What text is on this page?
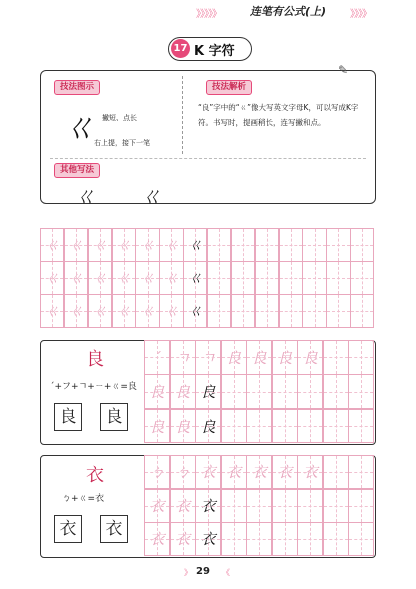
》》》》》	连笔有公式(上) 》》》》
17 K 字符
✎
技法图示	技法解析
ㄍ 撇短、点长
右上提，接下一笔
“良”字中的“ㄍ”像大写英文字母K，可以写成K字符。书写时，提画稍长，连写撇和点。
其他写法
ㄍ ㄍ
ㄍ ㄍ ㄍ ㄍ ㄍ ㄍ ㄍ
ㄍ ㄍ ㄍ ㄍ ㄍ ㄍ ㄍ
ㄍ ㄍ ㄍ ㄍ ㄍ ㄍ ㄍ
良
ˊ+フ+ㄱ+ㄧ+ㄍ=良
良	良
ˊ ㄱ ㄱ 良 良 良 良
良 良 良
良 良 良
衣
ㄅ+ㄍ=衣
衣	衣
ㄅ ㄅ 衣 衣 衣 衣 衣
衣 衣 衣
衣 衣 衣
》 29 《
